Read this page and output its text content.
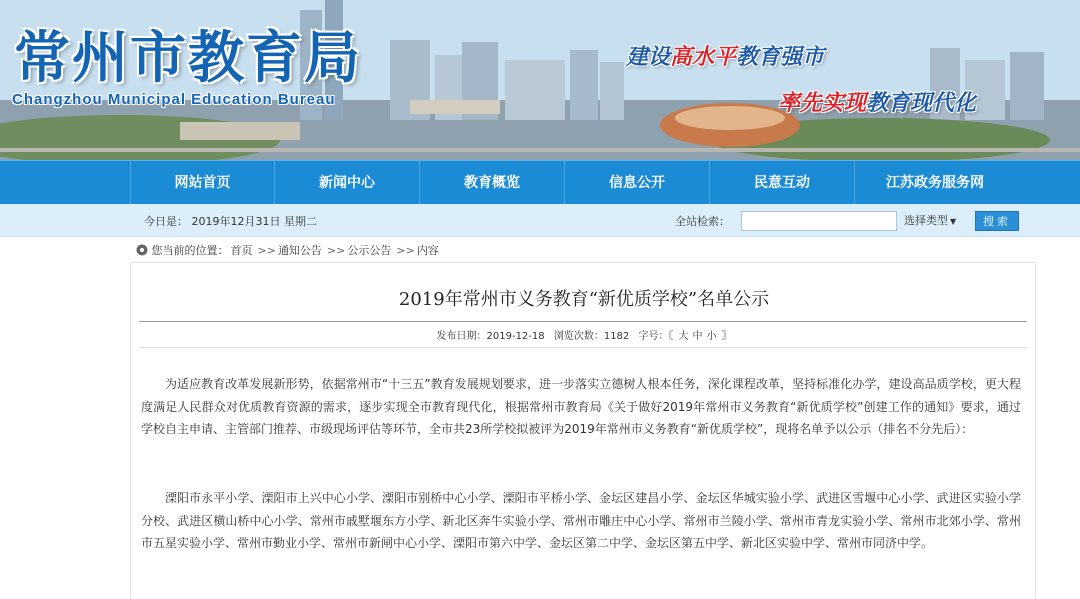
常州市教育局
Changzhou Municipal Education Bureau
建设高水平教育强市
率先实现教育现代化
网站首页	新闻中心	教育概览	信息公开	民意互动	江苏政务服务网
今日是： 2019年12月31日 星期二	全站检索：	选择类型 ▼	搜索
您当前的位置： 首页 >> 通知公告 >> 公示公告 >> 内容
2019年常州市义务教育“新优质学校”名单公示
发布日期：2019-12-18 浏览次数：1182 字号：〖 大 中 小 〗

为适应教育改革发展新形势，依据常州市“十三五”教育发展规划要求，进一步落实立德树人根本任务，深化课程改革，坚持标准化办学，建设高品质学校，更大程度满足人民群众对优质教育资源的需求，逐步实现全市教育现代化，根据常州市教育局《关于做好2019年常州市义务教育“新优质学校”创建工作的通知》要求，通过学校自主申请、主管部门推荐、市级现场评估等环节，全市共23所学校拟被评为2019年常州市义务教育“新优质学校”，现将名单予以公示（排名不分先后）：

溧阳市永平小学、溧阳市上兴中心小学、溧阳市别桥中心小学、溧阳市平桥小学、金坛区建昌小学、金坛区华城实验小学、武进区雪堰中心小学、武进区实验小学分校、武进区横山桥中心小学、常州市戚墅堰东方小学、新北区奔牛实验小学、常州市雕庄中心小学、常州市兰陵小学、常州市青龙实验小学、常州市北郊小学、常州市五星实验小学、常州市勤业小学、常州市新闸中心小学、溧阳市第六中学、金坛区第二中学、金坛区第五中学、新北区实验中学、常州市同济中学。
